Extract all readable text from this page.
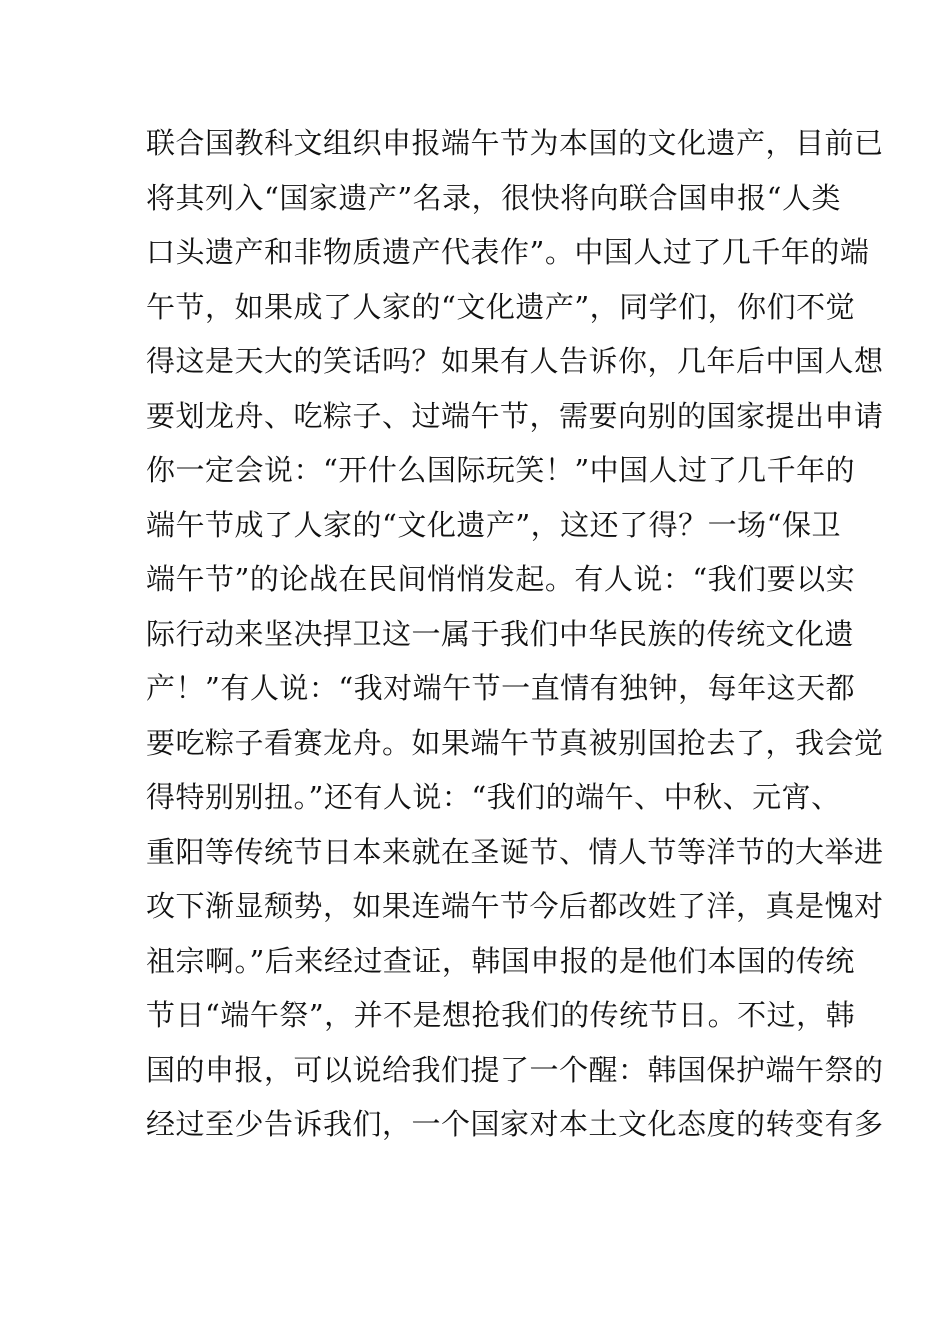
联合国教科文组织申报端午节为本国的文化遗产，目前已
将其列入“国家遗产”名录，很快将向联合国申报“人类
口头遗产和非物质遗产代表作”。中国人过了几千年的端
午节，如果成了人家的“文化遗产”，同学们，你们不觉
得这是天大的笑话吗？如果有人告诉你，几年后中国人想
要划龙舟、吃粽子、过端午节，需要向别的国家提出申请
你一定会说：“开什么国际玩笑！”中国人过了几千年的
端午节成了人家的“文化遗产”，这还了得？一场“保卫
端午节”的论战在民间悄悄发起。有人说：“我们要以实
际行动来坚决捍卫这一属于我们中华民族的传统文化遗
产！”有人说：“我对端午节一直情有独钟，每年这天都
要吃粽子看赛龙舟。如果端午节真被别国抢去了，我会觉
得特别别扭。”还有人说：“我们的端午、中秋、元宵、
重阳等传统节日本来就在圣诞节、情人节等洋节的大举进
攻下渐显颓势，如果连端午节今后都改姓了洋，真是愧对
祖宗啊。”后来经过查证，韩国申报的是他们本国的传统
节日“端午祭”，并不是想抢我们的传统节日。不过，韩
国的申报，可以说给我们提了一个醒：韩国保护端午祭的
经过至少告诉我们，一个国家对本土文化态度的转变有多
